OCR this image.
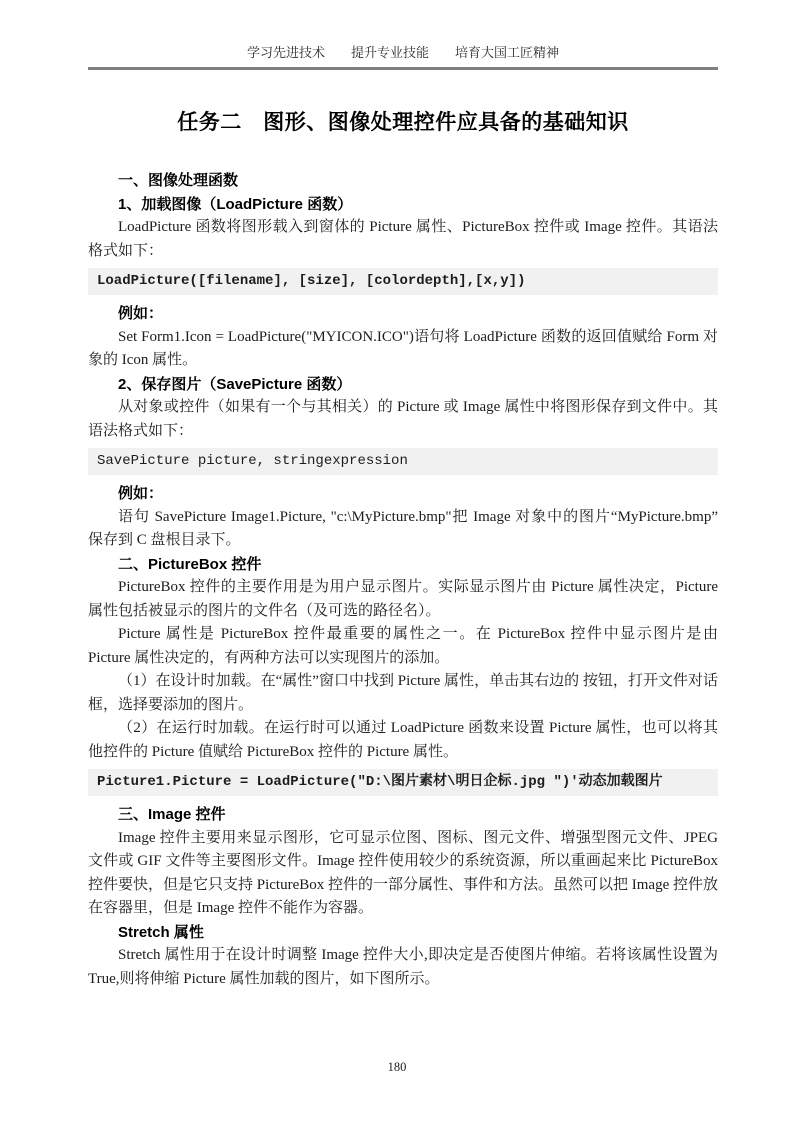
学习先进技术 提升专业技能 培育大国工匠精神
任务二　图形、图像处理控件应具备的基础知识
一、图像处理函数
1、加载图像（LoadPicture 函数）

LoadPicture 函数将图形载入到窗体的 Picture 属性、PictureBox 控件或 Image 控件。其语法格式如下：

LoadPicture([filename], [size], [colordepth],[x,y])

例如：

Set Form1.Icon = LoadPicture("MYICON.ICO")语句将 LoadPicture 函数的返回值赋给 Form 对象的 Icon 属性。

2、保存图片（SavePicture 函数）

从对象或控件（如果有一个与其相关）的 Picture 或 Image 属性中将图形保存到文件中。其语法格式如下：

SavePicture picture, stringexpression

例如：

语句 SavePicture Image1.Picture, "c:\MyPicture.bmp"把 Image 对象中的图片“MyPicture.bmp”保存到 C 盘根目录下。

二、PictureBox 控件

PictureBox 控件的主要作用是为用户显示图片。实际显示图片由 Picture 属性决定，Picture 属性包括被显示的图片的文件名（及可选的路径名）。

Picture 属性是 PictureBox 控件最重要的属性之一。在 PictureBox 控件中显示图片是由 Picture 属性决定的，有两种方法可以实现图片的添加。

（1）在设计时加载。在“属性”窗口中找到 Picture 属性，单击其右边的 按钮，打开文件对话框，选择要添加的图片。

（2）在运行时加载。在运行时可以通过 LoadPicture 函数来设置 Picture 属性，也可以将其他控件的 Picture 值赋给 PictureBox 控件的 Picture 属性。

Picture1.Picture = LoadPicture("D:\图片素材\明日企标.jpg ")'动态加载图片
三、Image 控件

Image 控件主要用来显示图形，它可显示位图、图标、图元文件、增强型图元文件、JPEG 文件或 GIF 文件等主要图形文件。Image 控件使用较少的系统资源，所以重画起来比 PictureBox 控件要快，但是它只支持 PictureBox 控件的一部分属性、事件和方法。虽然可以把 Image 控件放在容器里，但是 Image 控件不能作为容器。

Stretch 属性

Stretch 属性用于在设计时调整 Image 控件大小,即决定是否使图片伸缩。若将该属性设置为True,则将伸缩 Picture 属性加载的图片，如下图所示。

180
